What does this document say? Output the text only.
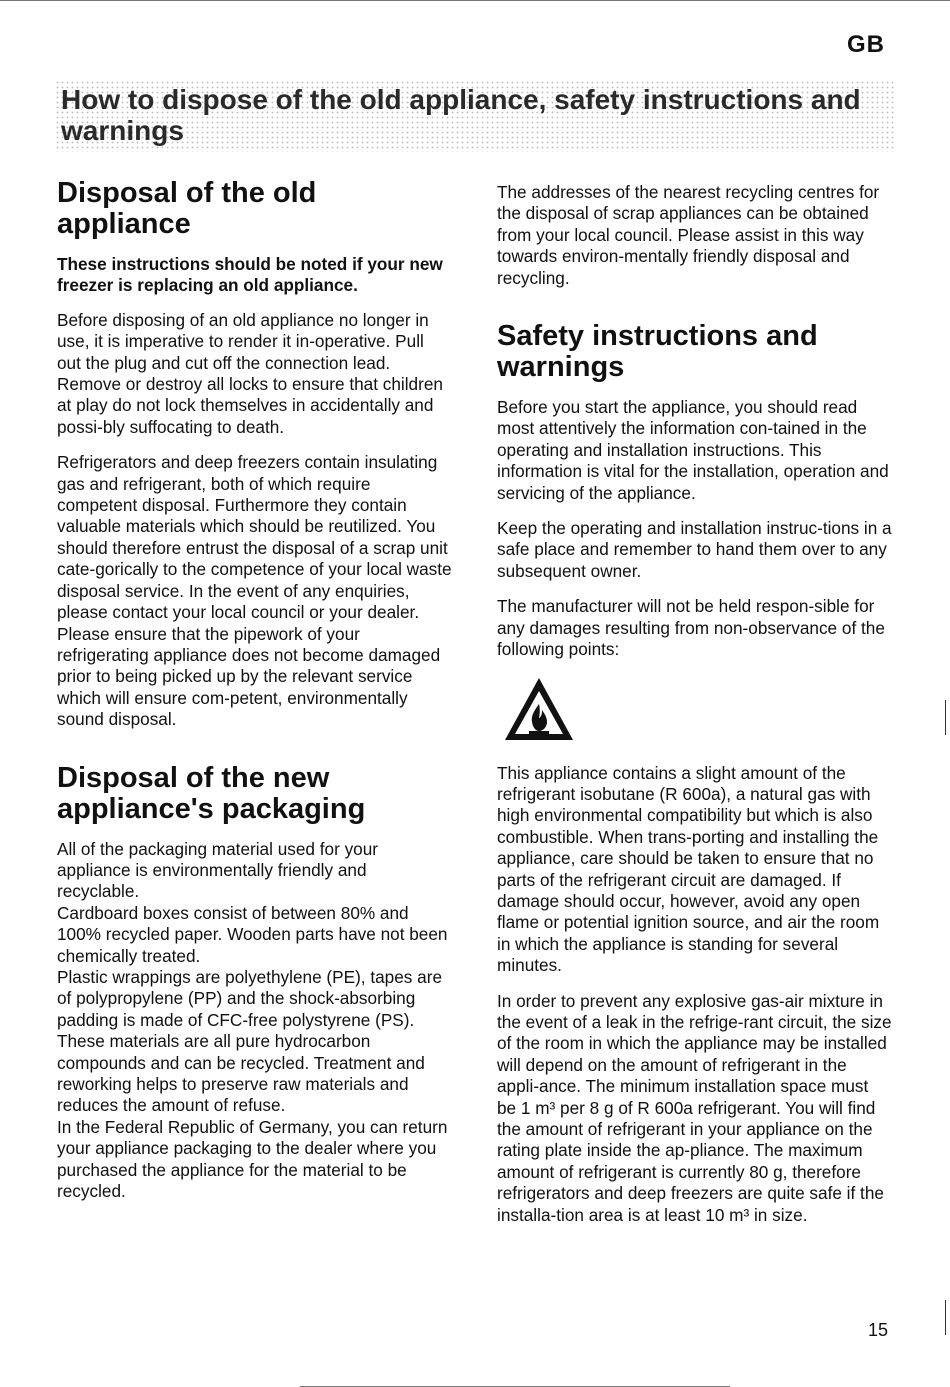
GB
How to dispose of the old appliance, safety instructions and warnings
Disposal of the old appliance

These instructions should be noted if your new freezer is replacing an old appliance.

Before disposing of an old appliance no longer in use, it is imperative to render it in-operative. Pull out the plug and cut off the connection lead. Remove or destroy all locks to ensure that children at play do not lock themselves in accidentally and possi-bly suffocating to death.

Refrigerators and deep freezers contain insulating gas and refrigerant, both of which require competent disposal. Furthermore they contain valuable materials which should be reutilized. You should therefore entrust the disposal of a scrap unit cate-gorically to the competence of your local waste disposal service. In the event of any enquiries, please contact your local council or your dealer.

Please ensure that the pipework of your refrigerating appliance does not become damaged prior to being picked up by the relevant service which will ensure com-petent, environmentally sound disposal.

Disposal of the new appliance's packaging

All of the packaging material used for your appliance is environmentally friendly and recyclable.

Cardboard boxes consist of between 80% and 100% recycled paper. Wooden parts have not been chemically treated.

Plastic wrappings are polyethylene (PE), tapes are of polypropylene (PP) and the shock-absorbing padding is made of CFC-free polystyrene (PS). These materials are all pure hydrocarbon compounds and can be recycled. Treatment and reworking helps to preserve raw materials and reduces the amount of refuse.

In the Federal Republic of Germany, you can return your appliance packaging to the dealer where you purchased the appliance for the material to be recycled.

The addresses of the nearest recycling centres for the disposal of scrap appliances can be obtained from your local council. Please assist in this way towards environ-mentally friendly disposal and recycling.

Safety instructions and warnings

Before you start the appliance, you should read most attentively the information con-tained in the operating and installation instructions. This information is vital for the installation, operation and servicing of the appliance.

Keep the operating and installation instruc-tions in a safe place and remember to hand them over to any subsequent owner.

The manufacturer will not be held respon-sible for any damages resulting from non-observance of the following points:

This appliance contains a slight amount of the refrigerant isobutane (R 600a), a natural gas with high environmental compatibility but which is also combustible. When trans-porting and installing the appliance, care should be taken to ensure that no parts of the refrigerant circuit are damaged. If damage should occur, however, avoid any open flame or potential ignition source, and air the room in which the appliance is standing for several minutes.

In order to prevent any explosive gas-air mixture in the event of a leak in the refrige-rant circuit, the size of the room in which the appliance may be installed will depend on the amount of refrigerant in the appli-ance. The minimum installation space must be 1 m³ per 8 g of R 600a refrigerant. You will find the amount of refrigerant in your appliance on the rating plate inside the ap-pliance. The maximum amount of refrigerant is currently 80 g, therefore refrigerators and deep freezers are quite safe if the installa-tion area is at least 10 m³ in size.

15
